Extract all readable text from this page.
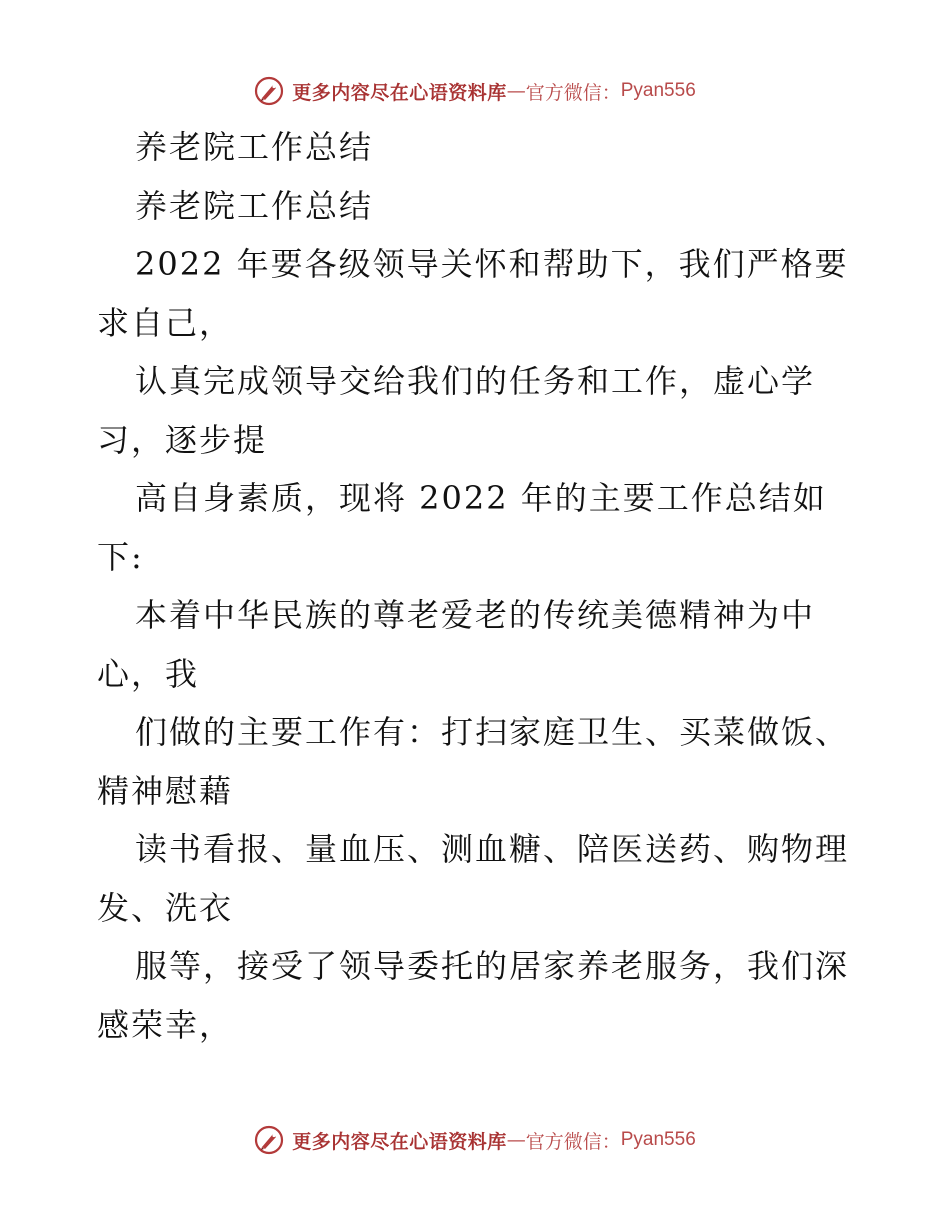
更多内容尽在心语资料库 — 官方微信： Pyan556
养老院工作总结
养老院工作总结
2022 年要各级领导关怀和帮助下，我们严格要
求自己，
认真完成领导交给我们的任务和工作，虚心学
习，逐步提
高自身素质，现将 2022 年的主要工作总结如
下:
本着中华民族的尊老爱老的传统美德精神为中
心，我
们做的主要工作有：打扫家庭卫生、买菜做饭、
精神慰藉
读书看报、量血压、测血糖、陪医送药、购物理
发、洗衣
服等，接受了领导委托的居家养老服务，我们深
感荣幸，
更多内容尽在心语资料库 — 官方微信： Pyan556
